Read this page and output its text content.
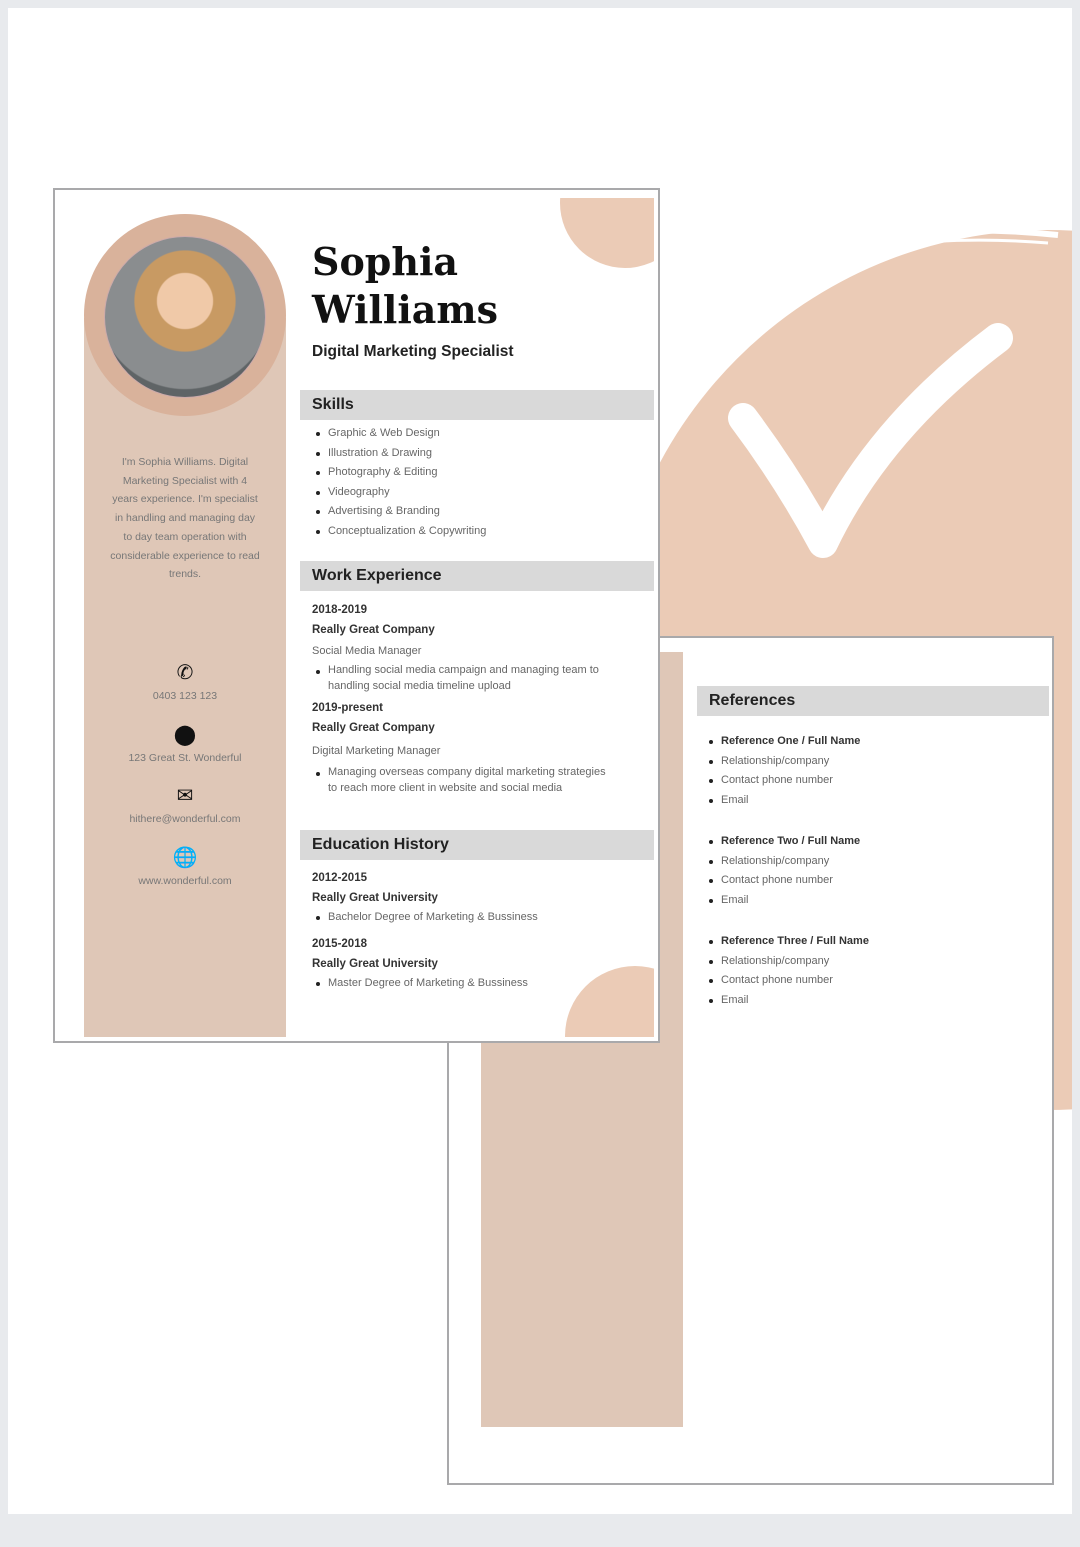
References
Reference One / Full Name
Relationship/company
Contact phone number
Email
Reference Two / Full Name
Relationship/company
Contact phone number
Email
Reference Three / Full Name
Relationship/company
Contact phone number
Email
I'm Sophia Williams. Digital Marketing Specialist with 4 years experience. I'm specialist in handling and managing day to day team operation with considerable experience to read trends.
✆
0403 123 123
⬤
123 Great St. Wonderful
✉
hithere@wonderful.com
🌐
www.wonderful.com
Sophia
Williams
Digital Marketing Specialist
Skills
Graphic & Web Design
Illustration & Drawing
Photography & Editing
Videography
Advertising & Branding
Conceptualization & Copywriting
Work Experience
2018-2019
Really Great Company
Social Media Manager
Handling social media campaign and managing team to handling social media timeline upload
2019-present
Really Great Company
Digital Marketing Manager
Managing overseas company digital marketing strategies to reach more client in website and social media
Education History
2012-2015
Really Great University
Bachelor Degree of Marketing & Bussiness
2015-2018
Really Great University
Master Degree of Marketing & Bussiness
